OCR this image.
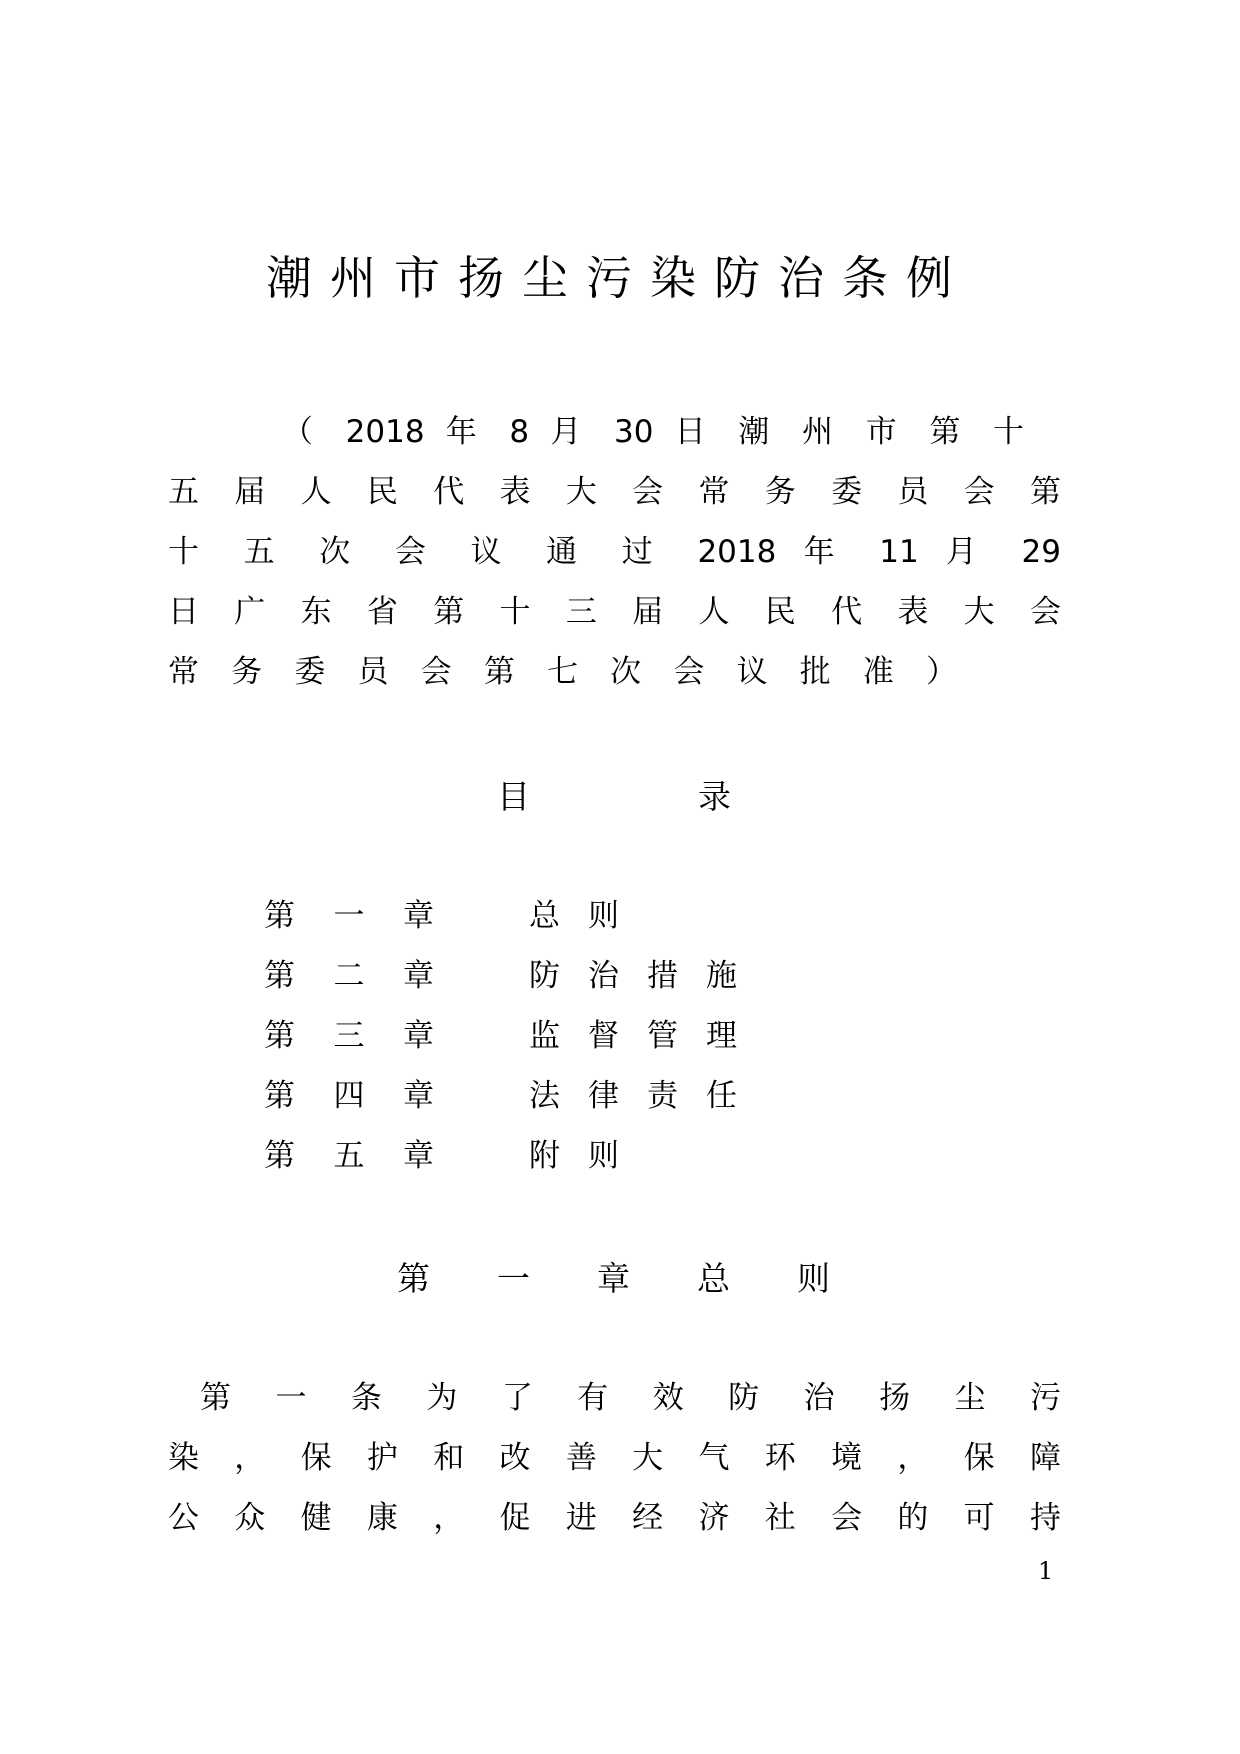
潮州市扬尘污染防治条例
（ 2018 年 8 月 30 日 潮 州 市 第 十
五 届 人 民 代 表 大 会 常 务 委 员 会 第
十 五 次 会 议 通 过 2018 年 11 月 29
日 广 东 省 第 十 三 届 人 民 代 表 大 会
常 务 委 员 会 第 七 次 会 议 批 准 ）
目 录
第 一 章	总则
第 二 章	防治措施
第 三 章	监督管理
第 四 章	法律责任
第 五 章	附则
第 一 章 总 则
第 一 条 为 了 有 效 防 治 扬 尘 污
染 ， 保 护 和 改 善 大 气 环 境 ， 保 障
公 众 健 康 ， 促 进 经 济 社 会 的 可 持
1
